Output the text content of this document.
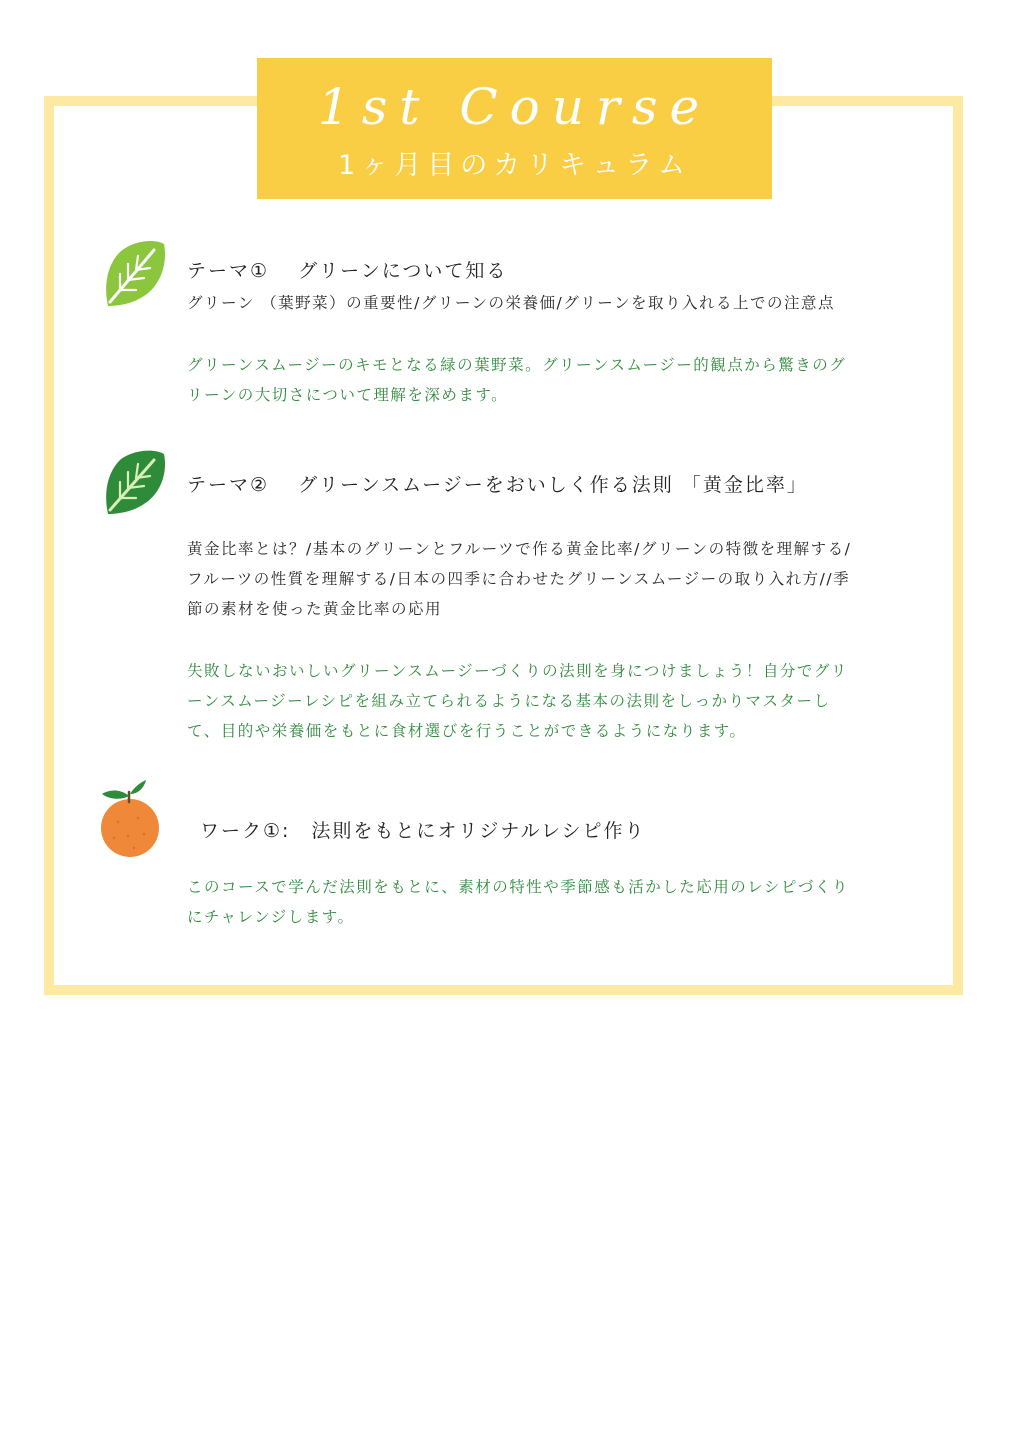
1st Course
1ヶ月目のカリキュラム
テーマ①　 グリーンについて知る
グリーン （葉野菜）の重要性/グリーンの栄養価/グリーンを取り入れる上での注意点
グリーンスムージーのキモとなる緑の葉野菜。グリーンスムージー的観点から驚きのグ
リーンの大切さについて理解を深めます。
テーマ②　 グリーンスムージーをおいしく作る法則 「黄金比率」
黄金比率とは？/基本のグリーンとフルーツで作る黄金比率/グリーンの特徴を理解する/
フルーツの性質を理解する/日本の四季に合わせたグリーンスムージーの取り入れ方//季
節の素材を使った黄金比率の応用
失敗しないおいしいグリーンスムージーづくりの法則を身につけましょう！自分でグリ
ーンスムージーレシピを組み立てられるようになる基本の法則をしっかりマスターし
て、目的や栄養価をもとに食材選びを行うことができるようになります。
ワーク①:　法則をもとにオリジナルレシピ作り
このコースで学んだ法則をもとに、素材の特性や季節感も活かした応用のレシピづくり
にチャレンジします。
